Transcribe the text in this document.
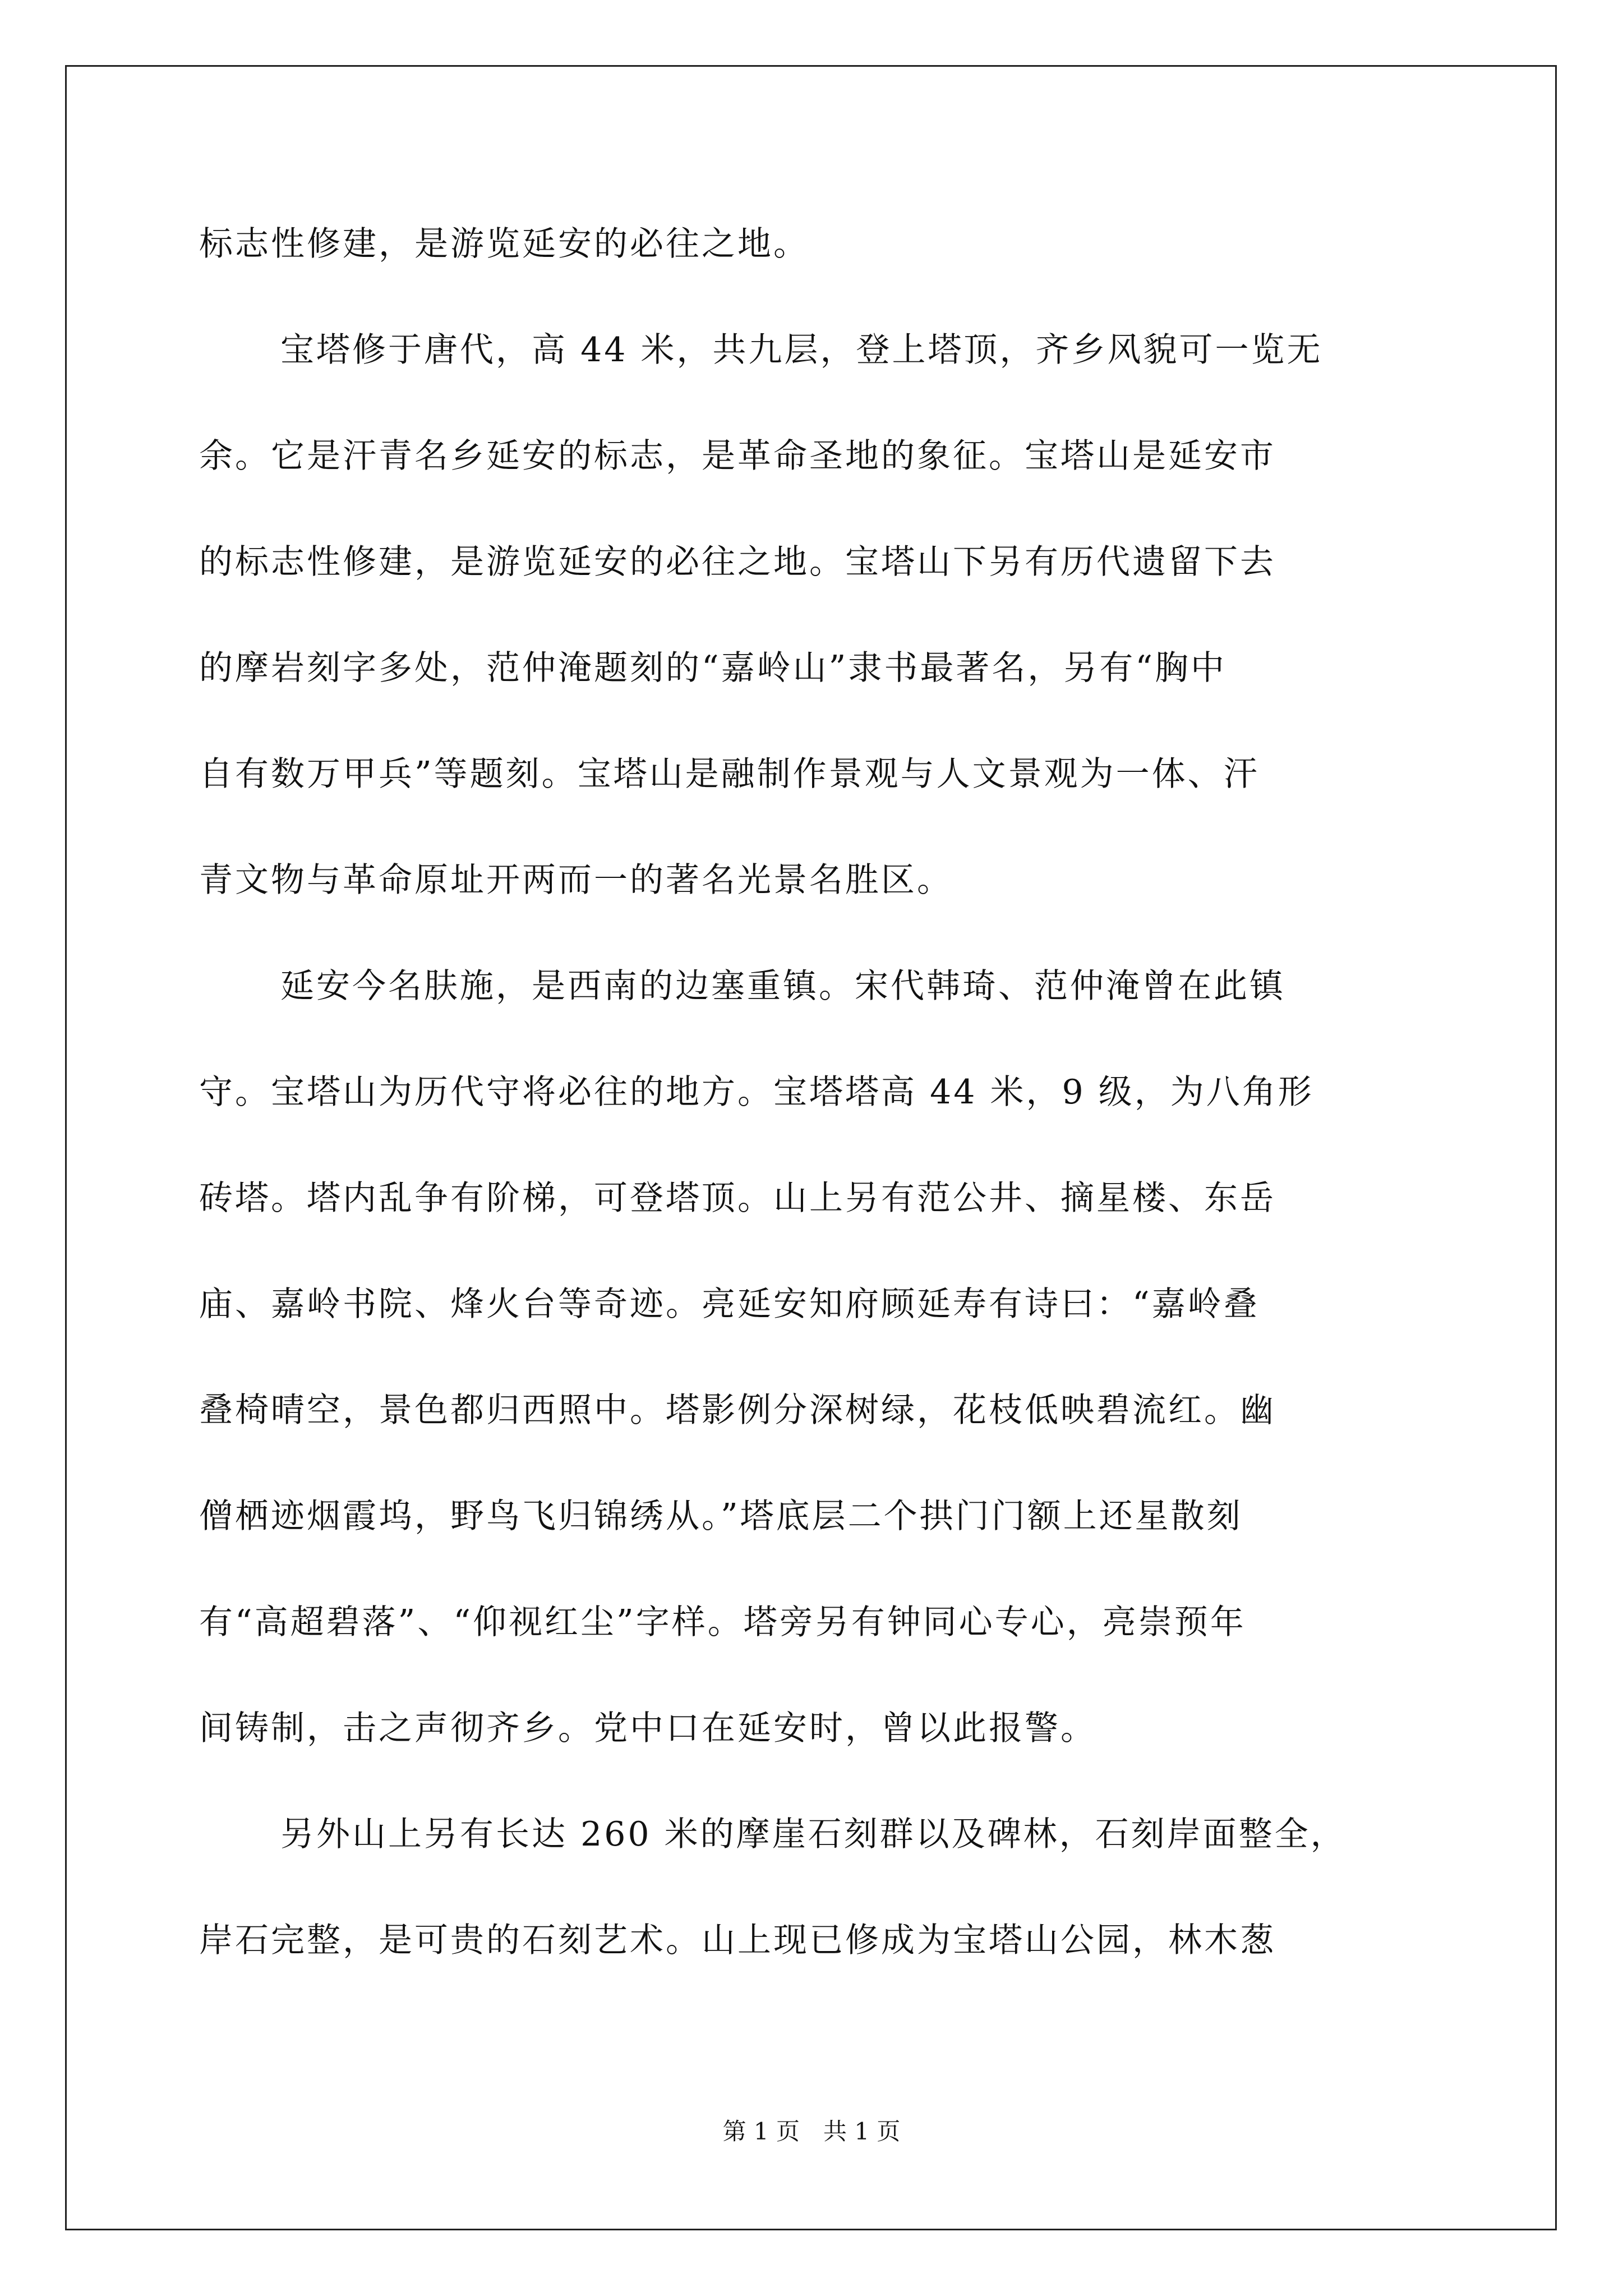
标志性修建，是游览延安的必往之地。
宝塔修于唐代，高 44 米，共九层，登上塔顶，齐乡风貌可一览无
余。它是汗青名乡延安的标志，是革命圣地的象征。宝塔山是延安市
的标志性修建，是游览延安的必往之地。宝塔山下另有历代遗留下去
的摩岩刻字多处，范仲淹题刻的“嘉岭山”隶书最著名，另有“胸中
自有数万甲兵”等题刻。宝塔山是融制作景观与人文景观为一体、汗
青文物与革命原址开两而一的著名光景名胜区。
延安今名肤施，是西南的边塞重镇。宋代韩琦、范仲淹曾在此镇
守。宝塔山为历代守将必往的地方。宝塔塔高 44 米，9 级，为八角形
砖塔。塔内乱争有阶梯，可登塔顶。山上另有范公井、摘星楼、东岳
庙、嘉岭书院、烽火台等奇迹。亮延安知府顾延寿有诗曰：“嘉岭叠
叠椅晴空，景色都归西照中。塔影例分深树绿，花枝低映碧流红。幽
僧栖迹烟霞坞，野鸟飞归锦绣从。”塔底层二个拱门门额上还星散刻
有“高超碧落”、“仰视红尘”字样。塔旁另有钟同心专心，亮崇预年
间铸制，击之声彻齐乡。党中口在延安时，曾以此报警。
另外山上另有长达 260 米的摩崖石刻群以及碑林，石刻岸面整全，
岸石完整，是可贵的石刻艺术。山上现已修成为宝塔山公园，林木葱
第 1 页　共 1 页
